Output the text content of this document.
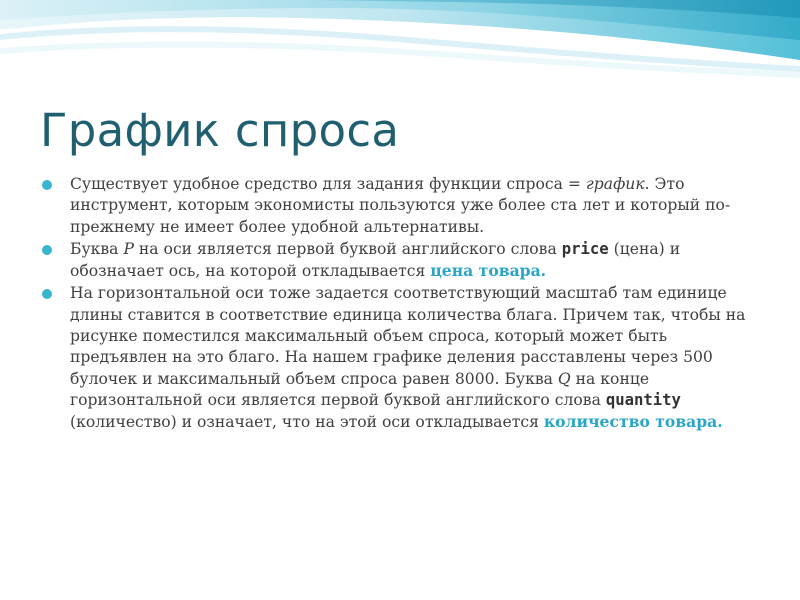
График спроса
Существует удобное средство для задания функции спроса = график. Это инструмент, которым экономисты пользуются уже более ста лет и который по-прежнему не имеет более удобной альтернативы.
Буква P на оси является первой буквой английского слова price (цена) и обозначает ось, на которой откладывается цена товара.
На горизонтальной оси тоже задается соответствующий масштаб там единице длины ставится в соответствие единица количества блага. Причем так, чтобы на рисунке поместился максимальный объем спроса, который может быть предъявлен на это благо. На нашем графике деления расставлены через 500 булочек и максимальный объем спроса равен 8000. Буква Q на конце горизонтальной оси является первой буквой английского слова quantity (количество) и означает, что на этой оси откладывается количество товара.
